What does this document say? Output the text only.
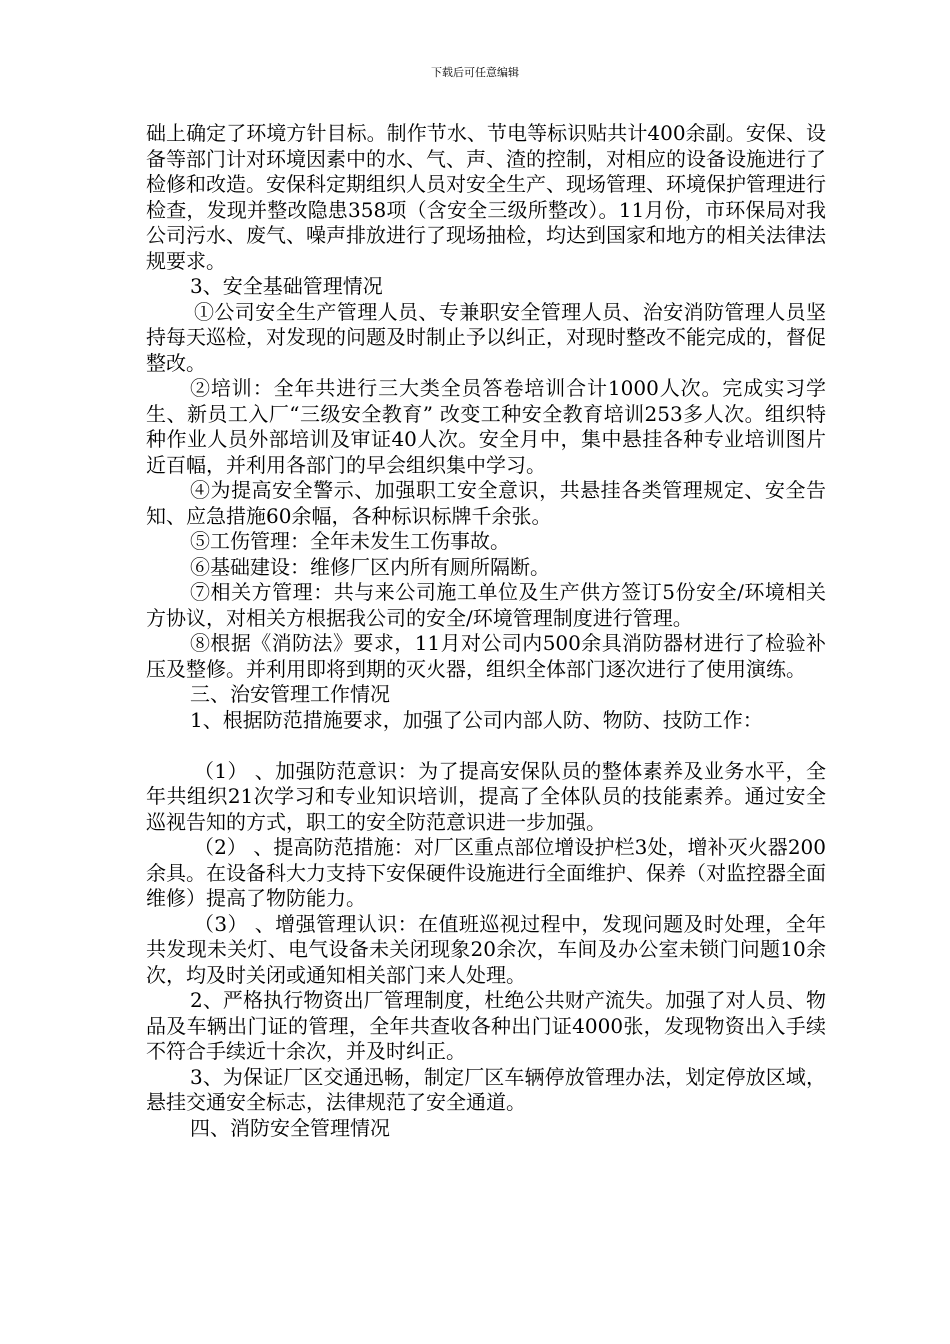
下载后可任意编辑

础上确定了环境方针目标。制作节水、节电等标识贴共计400余副。安保、设备等部门计对环境因素中的水、气、声、渣的控制，对相应的设备设施进行了检修和改造。安保科定期组织人员对安全生产、现场管理、环境保护管理进行检查，发现并整改隐患358项（含安全三级所整改）。11月份，市环保局对我公司污水、废气、噪声排放进行了现场抽检，均达到国家和地方的相关法律法规要求。

3、安全基础管理情况

①公司安全生产管理人员、专兼职安全管理人员、治安消防管理人员坚持每天巡检，对发现的问题及时制止予以纠正，对现时整改不能完成的，督促整改。

②培训：全年共进行三大类全员答卷培训合计1000人次。完成实习学生、新员工入厂“三级安全教育” 改变工种安全教育培训253多人次。组织特种作业人员外部培训及审证40人次。安全月中，集中悬挂各种专业培训图片近百幅，并利用各部门的早会组织集中学习。

④为提高安全警示、加强职工安全意识，共悬挂各类管理规定、安全告知、应急措施60余幅，各种标识标牌千余张。

⑤工伤管理：全年未发生工伤事故。

⑥基础建设：维修厂区内所有厕所隔断。

⑦相关方管理：共与来公司施工单位及生产供方签订5份安全/环境相关方协议，对相关方根据我公司的安全/环境管理制度进行管理。

⑧根据《消防法》要求，11月对公司内500余具消防器材进行了检验补压及整修。并利用即将到期的灭火器，组织全体部门逐次进行了使用演练。

三、治安管理工作情况

1、根据防范措施要求，加强了公司内部人防、物防、技防工作：

（1） 、加强防范意识：为了提高安保队员的整体素养及业务水平，全年共组织21次学习和专业知识培训，提高了全体队员的技能素养。通过安全巡视告知的方式，职工的安全防范意识进一步加强。

（2） 、提高防范措施：对厂区重点部位增设护栏3处，增补灭火器200余具。在设备科大力支持下安保硬件设施进行全面维护、保养（对监控器全面维修）提高了物防能力。

（3） 、增强管理认识：在值班巡视过程中，发现问题及时处理，全年共发现未关灯、电气设备未关闭现象20余次，车间及办公室未锁门问题10余次，均及时关闭或通知相关部门来人处理。

2、严格执行物资出厂管理制度，杜绝公共财产流失。加强了对人员、物品及车辆出门证的管理，全年共查收各种出门证4000张，发现物资出入手续不符合手续近十余次，并及时纠正。

3、为保证厂区交通迅畅，制定厂区车辆停放管理办法，划定停放区域，悬挂交通安全标志，法律规范了安全通道。

四、消防安全管理情况
